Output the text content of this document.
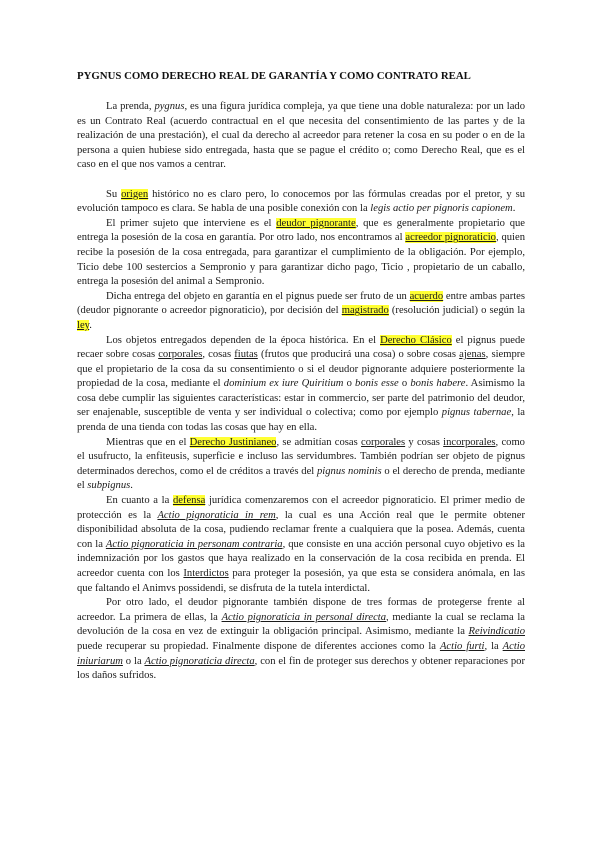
PYGNUS COMO DERECHO REAL DE GARANTÍA Y COMO CONTRATO REAL

La prenda, pygnus, es una figura jurídica compleja, ya que tiene una doble naturaleza: por un lado es un Contrato Real (acuerdo contractual en el que necesita del consentimiento de las partes y de la realización de una prestación), el cual da derecho al acreedor para retener la cosa en su poder o en de la persona a quien hubiese sido entregada, hasta que se pague el crédito o; como Derecho Real, que es el caso en el que nos vamos a centrar.

Su origen histórico no es claro pero, lo conocemos por las fórmulas creadas por el pretor, y su evolución tampoco es clara. Se habla de una posible conexión con la legis actio per pignoris capionem.

El primer sujeto que interviene es el deudor pignorante, que es generalmente propietario que entrega la posesión de la cosa en garantía. Por otro lado, nos encontramos al acreedor pignoraticio, quien recibe la posesión de la cosa entregada, para garantizar el cumplimiento de la obligación. Por ejemplo, Ticio debe 100 sestercios a Sempronio y para garantizar dicho pago, Ticio , propietario de un caballo, entrega la posesión del animal a Sempronio.

Dicha entrega del objeto en garantía en el pignus puede ser fruto de un acuerdo entre ambas partes (deudor pignorante o acreedor pignoraticio), por decisión del magistrado (resolución judicial) o según la ley.

Los objetos entregados dependen de la época histórica. En el Derecho Clásico el pignus puede recaer sobre cosas corporales, cosas fiutas (frutos que producirá una cosa) o sobre cosas ajenas, siempre que el propietario de la cosa da su consentimiento o si el deudor pignorante adquiere posteriormente la propiedad de la cosa, mediante el dominium ex iure Quiritium o bonis esse o bonis habere. Asimismo la cosa debe cumplir las siguientes características: estar in commercio, ser parte del patrimonio del deudor, ser enajenable, susceptible de venta y ser individual o colectiva; como por ejemplo pignus tabernae, la prenda de una tienda con todas las cosas que hay en ella.

Mientras que en el Derecho Justinianeo, se admitían cosas corporales y cosas incorporales, como el usufructo, la enfiteusis, superficie e incluso las servidumbres. También podrían ser objeto de pignus determinados derechos, como el de créditos a través del pignus nominis o el derecho de prenda, mediante el subpignus.

En cuanto a la defensa jurídica comenzaremos con el acreedor pignoraticio. El primer medio de protección es la Actio pignoraticia in rem, la cual es una Acción real que le permite obtener disponibilidad absoluta de la cosa, pudiendo reclamar frente a cualquiera que la posea. Además, cuenta con la Actio pignoraticia in personam contraria, que consiste en una acción personal cuyo objetivo es la indemnización por los gastos que haya realizado en la conservación de la cosa recibida en prenda. El acreedor cuenta con los Interdictos para proteger la posesión, ya que esta se considera anómala, en las que faltando el Animvs possidendi, se disfruta de la tutela interdictal.

Por otro lado, el deudor pignorante también dispone de tres formas de protegerse frente al acreedor. La primera de ellas, la Actio pignoraticia in personal directa, mediante la cual se reclama la devolución de la cosa en vez de extinguir la obligación principal. Asimismo, mediante la Reivindicatio puede recuperar su propiedad. Finalmente dispone de diferentes acciones como la Actio furti, la Actio iniuriarum o la Actio pignoraticia directa, con el fin de proteger sus derechos y obtener reparaciones por los daños sufridos.
